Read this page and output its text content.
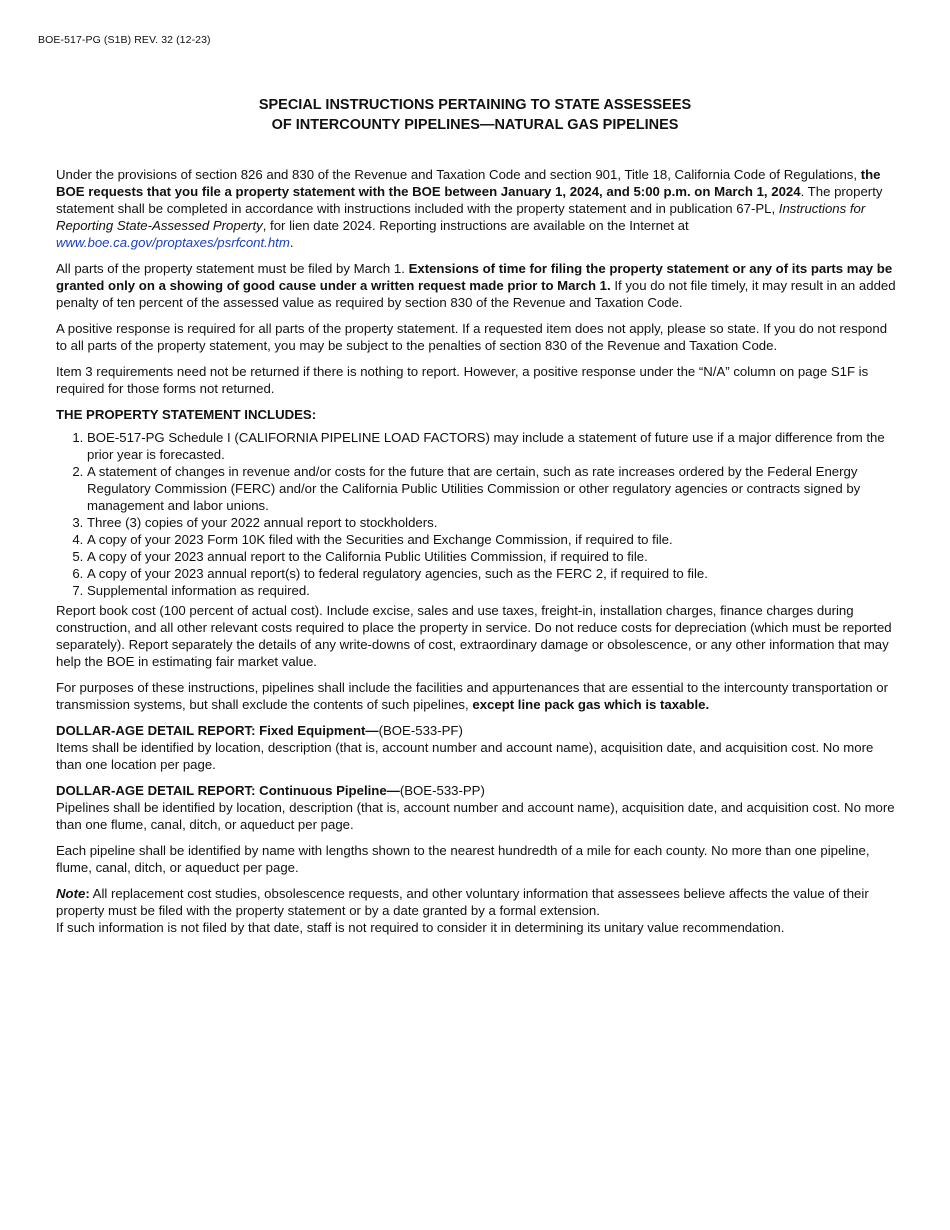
BOE-517-PG (S1B) REV. 32 (12-23)
SPECIAL INSTRUCTIONS PERTAINING TO STATE ASSESSEES
OF INTERCOUNTY PIPELINES—NATURAL GAS PIPELINES

Under the provisions of section 826 and 830 of the Revenue and Taxation Code and section 901, Title 18, California Code of Regulations, the BOE requests that you file a property statement with the BOE between January 1, 2024, and 5:00 p.m. on March 1, 2024. The property statement shall be completed in accordance with instructions included with the property statement and in publication 67-PL, Instructions for Reporting State-Assessed Property, for lien date 2024. Reporting instructions are available on the Internet at www.boe.ca.gov/proptaxes/psrfcont.htm.

All parts of the property statement must be filed by March 1. Extensions of time for filing the property statement or any of its parts may be granted only on a showing of good cause under a written request made prior to March 1. If you do not file timely, it may result in an added penalty of ten percent of the assessed value as required by section 830 of the Revenue and Taxation Code.

A positive response is required for all parts of the property statement. If a requested item does not apply, please so state. If you do not respond to all parts of the property statement, you may be subject to the penalties of section 830 of the Revenue and Taxation Code.

Item 3 requirements need not be returned if there is nothing to report. However, a positive response under the “N/A” column on page S1F is required for those forms not returned.

THE PROPERTY STATEMENT INCLUDES:
1. BOE-517-PG Schedule I (CALIFORNIA PIPELINE LOAD FACTORS) may include a statement of future use if a major difference from the prior year is forecasted.
2. A statement of changes in revenue and/or costs for the future that are certain, such as rate increases ordered by the Federal Energy Regulatory Commission (FERC) and/or the California Public Utilities Commission or other regulatory agencies or contracts signed by management and labor unions.
3. Three (3) copies of your 2022 annual report to stockholders.
4. A copy of your 2023 Form 10K filed with the Securities and Exchange Commission, if required to file.
5. A copy of your 2023 annual report to the California Public Utilities Commission, if required to file.
6. A copy of your 2023 annual report(s) to federal regulatory agencies, such as the FERC 2, if required to file.
7. Supplemental information as required.

Report book cost (100 percent of actual cost). Include excise, sales and use taxes, freight-in, installation charges, finance charges during construction, and all other relevant costs required to place the property in service. Do not reduce costs for depreciation (which must be reported separately). Report separately the details of any write-downs of cost, extraordinary damage or obsolescence, or any other information that may help the BOE in estimating fair market value.

For purposes of these instructions, pipelines shall include the facilities and appurtenances that are essential to the intercounty transportation or transmission systems, but shall exclude the contents of such pipelines, except line pack gas which is taxable.

DOLLAR-AGE DETAIL REPORT: Fixed Equipment—(BOE-533-PF)
Items shall be identified by location, description (that is, account number and account name), acquisition date, and acquisition cost. No more than one location per page.

DOLLAR-AGE DETAIL REPORT: Continuous Pipeline—(BOE-533-PP)
Pipelines shall be identified by location, description (that is, account number and account name), acquisition date, and acquisition cost. No more than one flume, canal, ditch, or aqueduct per page.

Each pipeline shall be identified by name with lengths shown to the nearest hundredth of a mile for each county. No more than one pipeline, flume, canal, ditch, or aqueduct per page.

Note: All replacement cost studies, obsolescence requests, and other voluntary information that assessees believe affects the value of their property must be filed with the property statement or by a date granted by a formal extension.
If such information is not filed by that date, staff is not required to consider it in determining its unitary value recommendation.
